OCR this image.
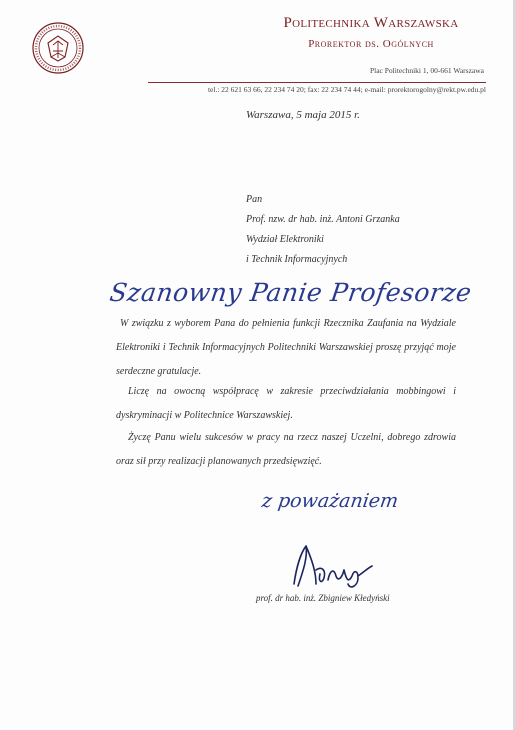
Politechnika Warszawska
Prorektor ds. Ogólnych
Plac Politechniki 1, 00-661 Warszawa
tel.: 22 621 63 66, 22 234 74 20; fax: 22 234 74 44; e-mail: prorektorogolny@rekt.pw.edu.pl
Warszawa, 5 maja 2015 r.
Pan
Prof. nzw. dr hab. inż. Antoni Grzanka
Wydział Elektroniki
i Technik Informacyjnych
Szanowny Panie Profesorze
W związku z wyborem Pana do pełnienia funkcji Rzecznika Zaufania na Wydziale Elektroniki i Technik Informacyjnych Politechniki Warszawskiej proszę przyjąć moje serdeczne gratulacje.
Liczę na owocną współpracę w zakresie przeciwdziałania mobbingowi i dyskryminacji w Politechnice Warszawskiej.
Życzę Panu wielu sukcesów w pracy na rzecz naszej Uczelni, dobrego zdrowia oraz sił przy realizacji planowanych przedsięwzięć.
z poważaniem
prof. dr hab. inż. Zbigniew Kłedyński
